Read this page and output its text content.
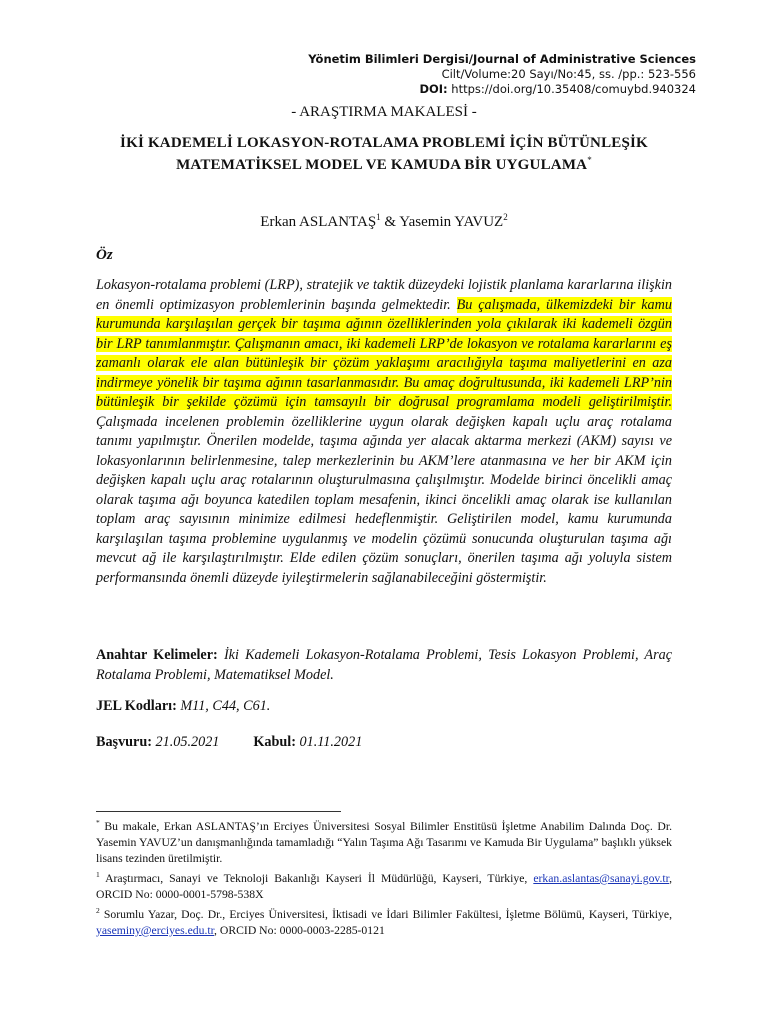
Yönetim Bilimleri Dergisi/Journal of Administrative Sciences
Cilt/Volume:20 Sayı/No:45, ss. /pp.: 523-556
DOI: https://doi.org/10.35408/comuybd.940324
- ARAŞTIRMA MAKALESİ -
İKİ KADEMELİ LOKASYON-ROTALAMA PROBLEMİ İÇİN BÜTÜNLEŞİK MATEMATİKSEL MODEL VE KAMUDA BİR UYGULAMA*
Erkan ASLANTAŞ$^1$ & Yasemin YAVUZ$^2$
Öz
Lokasyon-rotalama problemi (LRP), stratejik ve taktik düzeydeki lojistik planlama kararlarına ilişkin en önemli optimizasyon problemlerinin başında gelmektedir. Bu çalışmada, ülkemizdeki bir kamu kurumunda karşılaşılan gerçek bir taşıma ağının özelliklerinden yola çıkılarak iki kademeli özgün bir LRP tanımlanmıştır. Çalışmanın amacı, iki kademeli LRP’de lokasyon ve rotalama kararlarını eş zamanlı olarak ele alan bütünleşik bir çözüm yaklaşımı aracılığıyla taşıma maliyetlerini en aza indirmeye yönelik bir taşıma ağının tasarlanmasıdır. Bu amaç doğrultusunda, iki kademeli LRP’nin bütünleşik bir şekilde çözümü için tamsayılı bir doğrusal programlama modeli geliştirilmiştir. Çalışmada incelenen problemin özelliklerine uygun olarak değişken kapalı uçlu araç rotalama tanımı yapılmıştır. Önerilen modelde, taşıma ağında yer alacak aktarma merkezi (AKM) sayısı ve lokasyonlarının belirlenmesine, talep merkezlerinin bu AKM’lere atanmasına ve her bir AKM için değişken kapalı uçlu araç rotalarının oluşturulmasına çalışılmıştır. Modelde birinci öncelikli amaç olarak taşıma ağı boyunca katedilen toplam mesafenin, ikinci öncelikli amaç olarak ise kullanılan toplam araç sayısının minimize edilmesi hedeflenmiştir. Geliştirilen model, kamu kurumunda karşılaşılan taşıma problemine uygulanmış ve modelin çözümü sonucunda oluşturulan taşıma ağı mevcut ağ ile karşılaştırılmıştır. Elde edilen çözüm sonuçları, önerilen taşıma ağı yoluyla sistem performansında önemli düzeyde iyileştirmelerin sağlanabileceğini göstermiştir.
Anahtar Kelimeler: İki Kademeli Lokasyon-Rotalama Problemi, Tesis Lokasyon Problemi, Araç Rotalama Problemi, Matematiksel Model.
JEL Kodları: M11, C44, C61.
Başvuru: 21.05.2021 Kabul: 01.11.2021

* Bu makale, Erkan ASLANTAŞ’ın Erciyes Üniversitesi Sosyal Bilimler Enstitüsü İşletme Anabilim Dalında Doç. Dr. Yasemin YAVUZ’un danışmanlığında tamamladığı “Yalın Taşıma Ağı Tasarımı ve Kamuda Bir Uygulama” başlıklı yüksek lisans tezinden üretilmiştir.

$^1$ Araştırmacı, Sanayi ve Teknoloji Bakanlığı Kayseri İl Müdürlüğü, Kayseri, Türkiye, erkan.aslantas@sanayi.gov.tr, ORCID No: 0000-0001-5798-538X

$^2$ Sorumlu Yazar, Doç. Dr., Erciyes Üniversitesi, İktisadi ve İdari Bilimler Fakültesi, İşletme Bölümü, Kayseri, Türkiye, yaseminy@erciyes.edu.tr, ORCID No: 0000-0003-2285-0121
